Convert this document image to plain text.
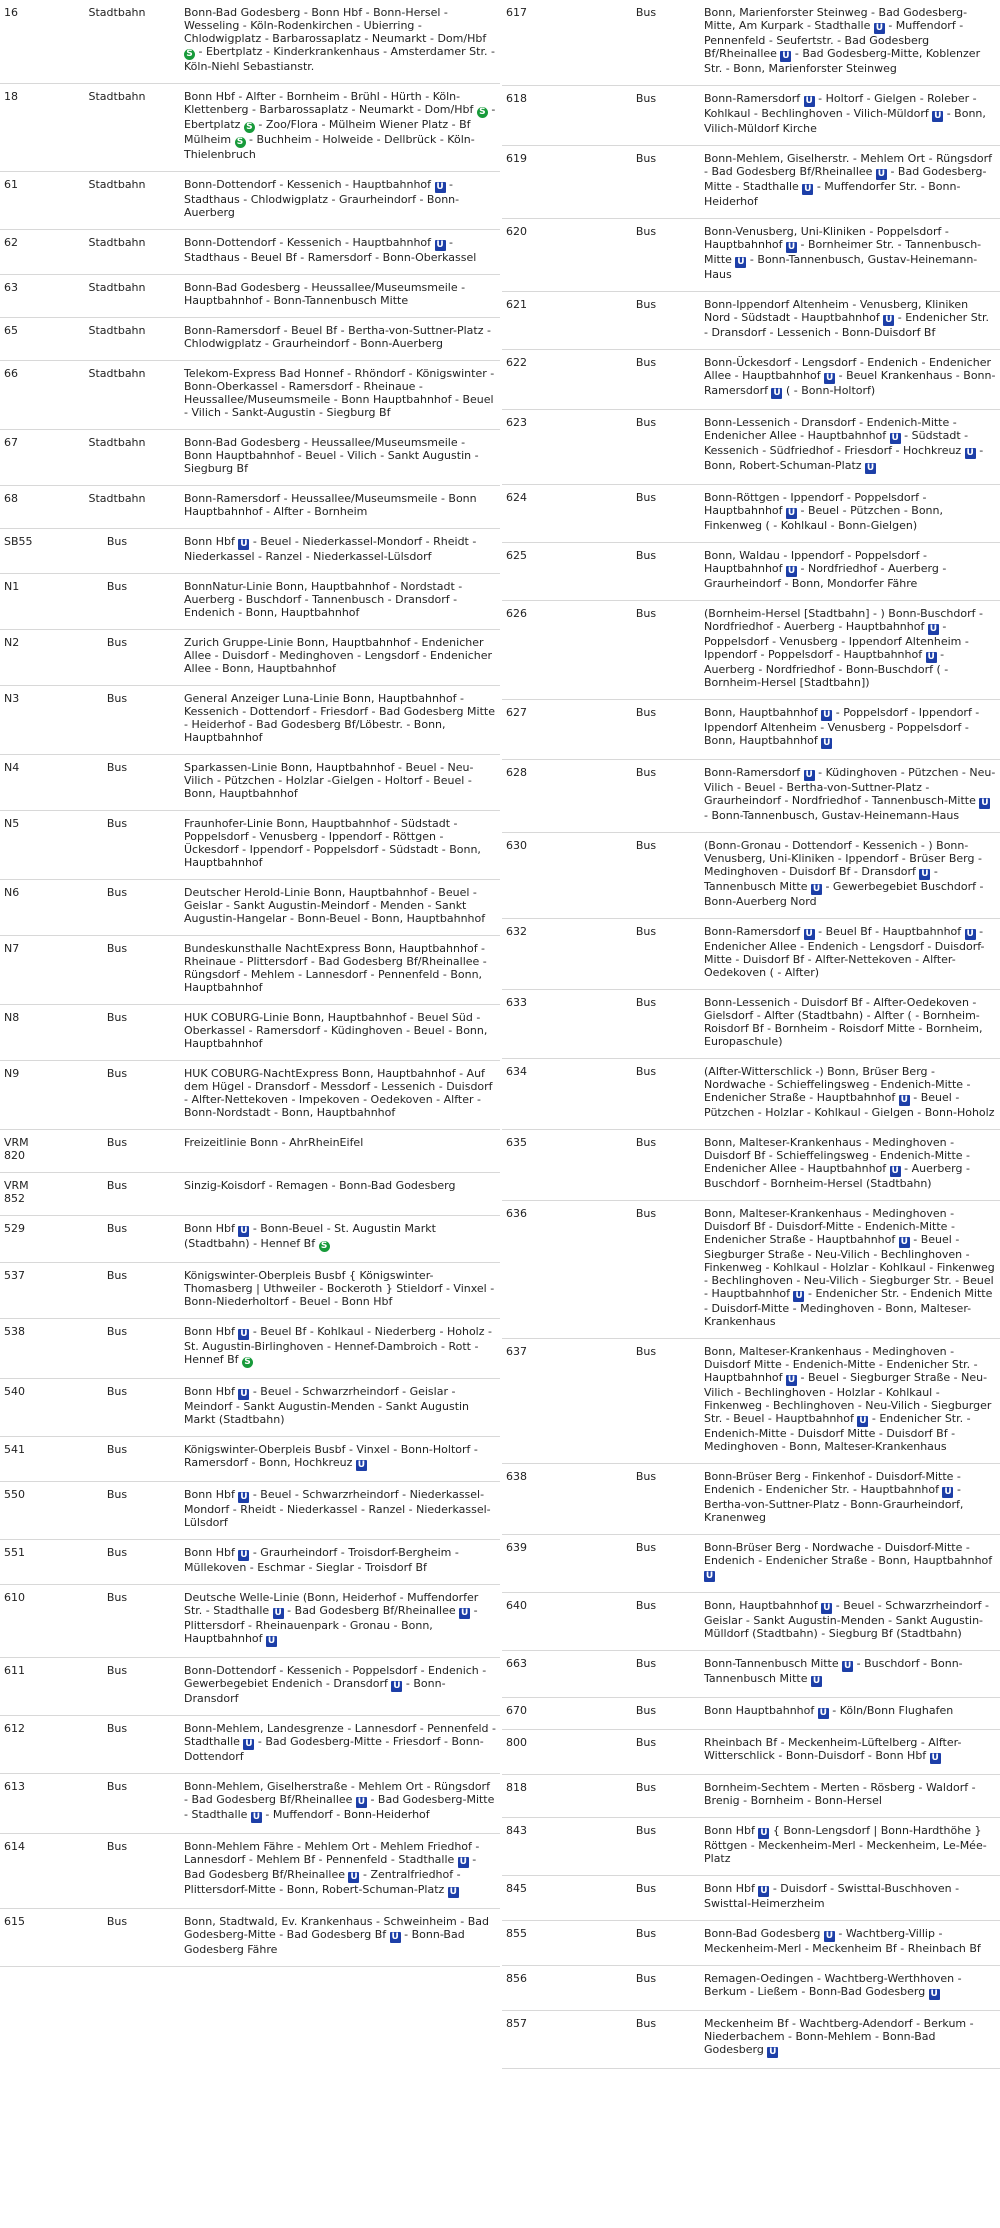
16	Stadtbahn	Bonn-Bad Godesberg - Bonn Hbf - Bonn-Hersel - Wesseling - Köln-Rodenkirchen - Ubierring - Chlodwigplatz - Barbarossaplatz - Neumarkt - Dom/Hbf S - Ebertplatz - Kinderkrankenhaus - Amsterdamer Str. - Köln-Niehl Sebastianstr.
18	Stadtbahn	Bonn Hbf - Alfter - Bornheim - Brühl - Hürth - Köln-Klettenberg - Barbarossaplatz - Neumarkt - Dom/Hbf S - Ebertplatz S - Zoo/Flora - Mülheim Wiener Platz - Bf Mülheim S - Buchheim - Holweide - Dellbrück - Köln-Thielenbruch
61	Stadtbahn	Bonn-Dottendorf - Kessenich - Hauptbahnhof U - Stadthaus - Chlodwigplatz - Graurheindorf - Bonn-Auerberg
62	Stadtbahn	Bonn-Dottendorf - Kessenich - Hauptbahnhof U - Stadthaus - Beuel Bf - Ramersdorf - Bonn-Oberkassel
63	Stadtbahn	Bonn-Bad Godesberg - Heussallee/Museumsmeile - Hauptbahnhof - Bonn-Tannenbusch Mitte
65	Stadtbahn	Bonn-Ramersdorf - Beuel Bf - Bertha-von-Suttner-Platz - Chlodwigplatz - Graurheindorf - Bonn-Auerberg
66	Stadtbahn	Telekom-Express Bad Honnef - Rhöndorf - Königswinter - Bonn-Oberkassel - Ramersdorf - Rheinaue - Heussallee/Museumsmeile - Bonn Hauptbahnhof - Beuel - Vilich - Sankt-Augustin - Siegburg Bf
67	Stadtbahn	Bonn-Bad Godesberg - Heussallee/Museumsmeile - Bonn Hauptbahnhof - Beuel - Vilich - Sankt Augustin - Siegburg Bf
68	Stadtbahn	Bonn-Ramersdorf - Heussallee/Museumsmeile - Bonn Hauptbahnhof - Alfter - Bornheim
SB55	Bus	Bonn Hbf U - Beuel - Niederkassel-Mondorf - Rheidt - Niederkassel - Ranzel - Niederkassel-Lülsdorf
N1	Bus	BonnNatur-Linie Bonn, Hauptbahnhof - Nordstadt - Auerberg - Buschdorf - Tannenbusch - Dransdorf - Endenich - Bonn, Hauptbahnhof
N2	Bus	Zurich Gruppe-Linie Bonn, Hauptbahnhof - Endenicher Allee - Duisdorf - Medinghoven - Lengsdorf - Endenicher Allee - Bonn, Hauptbahnhof
N3	Bus	General Anzeiger Luna-Linie Bonn, Hauptbahnhof - Kessenich - Dottendorf - Friesdorf - Bad Godesberg Mitte - Heiderhof - Bad Godesberg Bf/Löbestr. - Bonn, Hauptbahnhof
N4	Bus	Sparkassen-Linie Bonn, Hauptbahnhof - Beuel - Neu-Vilich - Pützchen - Holzlar -Gielgen - Holtorf - Beuel - Bonn, Hauptbahnhof
N5	Bus	Fraunhofer-Linie Bonn, Hauptbahnhof - Südstadt - Poppelsdorf - Venusberg - Ippendorf - Röttgen - Ückesdorf - Ippendorf - Poppelsdorf - Südstadt - Bonn, Hauptbahnhof
N6	Bus	Deutscher Herold-Linie Bonn, Hauptbahnhof - Beuel - Geislar - Sankt Augustin-Meindorf - Menden - Sankt Augustin-Hangelar - Bonn-Beuel - Bonn, Hauptbahnhof
N7	Bus	Bundeskunsthalle NachtExpress Bonn, Hauptbahnhof - Rheinaue - Plittersdorf - Bad Godesberg Bf/Rheinallee - Rüngsdorf - Mehlem - Lannesdorf - Pennenfeld - Bonn, Hauptbahnhof
N8	Bus	HUK COBURG-Linie Bonn, Hauptbahnhof - Beuel Süd - Oberkassel - Ramersdorf - Küdinghoven - Beuel - Bonn, Hauptbahnhof
N9	Bus	HUK COBURG-NachtExpress Bonn, Hauptbahnhof - Auf dem Hügel - Dransdorf - Messdorf - Lessenich - Duisdorf - Alfter-Nettekoven - Impekoven - Oedekoven - Alfter - Bonn-Nordstadt - Bonn, Hauptbahnhof
VRM 820	Bus	Freizeitlinie Bonn - AhrRheinEifel
VRM 852	Bus	Sinzig-Koisdorf - Remagen - Bonn-Bad Godesberg
529	Bus	Bonn Hbf U - Bonn-Beuel - St. Augustin Markt (Stadtbahn) - Hennef Bf S
537	Bus	Königswinter-Oberpleis Busbf { Königswinter-Thomasberg | Uthweiler - Bockeroth } Stieldorf - Vinxel - Bonn-Niederholtorf - Beuel - Bonn Hbf
538	Bus	Bonn Hbf U - Beuel Bf - Kohlkaul - Niederberg - Hoholz - St. Augustin-Birlinghoven - Hennef-Dambroich - Rott - Hennef Bf S
540	Bus	Bonn Hbf U - Beuel - Schwarzrheindorf - Geislar - Meindorf - Sankt Augustin-Menden - Sankt Augustin Markt (Stadtbahn)
541	Bus	Königswinter-Oberpleis Busbf - Vinxel - Bonn-Holtorf - Ramersdorf - Bonn, Hochkreuz U
550	Bus	Bonn Hbf U - Beuel - Schwarzrheindorf - Niederkassel-Mondorf - Rheidt - Niederkassel - Ranzel - Niederkassel-Lülsdorf
551	Bus	Bonn Hbf U - Graurheindorf - Troisdorf-Bergheim - Müllekoven - Eschmar - Sieglar - Troisdorf Bf
610	Bus	Deutsche Welle-Linie (Bonn, Heiderhof - Muffendorfer Str. - Stadthalle U - Bad Godesberg Bf/Rheinallee U - Plittersdorf - Rheinauenpark - Gronau - Bonn, Hauptbahnhof U
611	Bus	Bonn-Dottendorf - Kessenich - Poppelsdorf - Endenich - Gewerbegebiet Endenich - Dransdorf U - Bonn-Dransdorf
612	Bus	Bonn-Mehlem, Landesgrenze - Lannesdorf - Pennenfeld - Stadthalle U - Bad Godesberg-Mitte - Friesdorf - Bonn-Dottendorf
613	Bus	Bonn-Mehlem, Giselherstraße - Mehlem Ort - Rüngsdorf - Bad Godesberg Bf/Rheinallee U - Bad Godesberg-Mitte - Stadthalle U - Muffendorf - Bonn-Heiderhof
614	Bus	Bonn-Mehlem Fähre - Mehlem Ort - Mehlem Friedhof - Lannesdorf - Mehlem Bf - Pennenfeld - Stadthalle U - Bad Godesberg Bf/Rheinallee U - Zentralfriedhof - Plittersdorf-Mitte - Bonn, Robert-Schuman-Platz U
615	Bus	Bonn, Stadtwald, Ev. Krankenhaus - Schweinheim - Bad Godesberg-Mitte - Bad Godesberg Bf U - Bonn-Bad Godesberg Fähre
617	Bus	Bonn, Marienforster Steinweg - Bad Godesberg-Mitte, Am Kurpark - Stadthalle U - Muffendorf - Pennenfeld - Seufertstr. - Bad Godesberg Bf/Rheinallee U - Bad Godesberg-Mitte, Koblenzer Str. - Bonn, Marienforster Steinweg
618	Bus	Bonn-Ramersdorf U - Holtorf - Gielgen - Roleber - Kohlkaul - Bechlinghoven - Vilich-Müldorf U - Bonn, Vilich-Müldorf Kirche
619	Bus	Bonn-Mehlem, Giselherstr. - Mehlem Ort - Rüngsdorf - Bad Godesberg Bf/Rheinallee U - Bad Godesberg-Mitte - Stadthalle U - Muffendorfer Str. - Bonn-Heiderhof
620	Bus	Bonn-Venusberg, Uni-Kliniken - Poppelsdorf - Hauptbahnhof U - Bornheimer Str. - Tannenbusch-Mitte U - Bonn-Tannenbusch, Gustav-Heinemann-Haus
621	Bus	Bonn-Ippendorf Altenheim - Venusberg, Kliniken Nord - Südstadt - Hauptbahnhof U - Endenicher Str. - Dransdorf - Lessenich - Bonn-Duisdorf Bf
622	Bus	Bonn-Ückesdorf - Lengsdorf - Endenich - Endenicher Allee - Hauptbahnhof U - Beuel Krankenhaus - Bonn-Ramersdorf U ( - Bonn-Holtorf)
623	Bus	Bonn-Lessenich - Dransdorf - Endenich-Mitte - Endenicher Allee - Hauptbahnhof U - Südstadt - Kessenich - Südfriedhof - Friesdorf - Hochkreuz U - Bonn, Robert-Schuman-Platz U
624	Bus	Bonn-Röttgen - Ippendorf - Poppelsdorf - Hauptbahnhof U - Beuel - Pützchen - Bonn, Finkenweg ( - Kohlkaul - Bonn-Gielgen)
625	Bus	Bonn, Waldau - Ippendorf - Poppelsdorf - Hauptbahnhof U - Nordfriedhof - Auerberg - Graurheindorf - Bonn, Mondorfer Fähre
626	Bus	(Bornheim-Hersel [Stadtbahn] - ) Bonn-Buschdorf - Nordfriedhof - Auerberg - Hauptbahnhof U - Poppelsdorf - Venusberg - Ippendorf Altenheim - Ippendorf - Poppelsdorf - Hauptbahnhof U - Auerberg - Nordfriedhof - Bonn-Buschdorf ( - Bornheim-Hersel [Stadtbahn])
627	Bus	Bonn, Hauptbahnhof U - Poppelsdorf - Ippendorf - Ippendorf Altenheim - Venusberg - Poppelsdorf - Bonn, Hauptbahnhof U
628	Bus	Bonn-Ramersdorf U - Küdinghoven - Pützchen - Neu-Vilich - Beuel - Bertha-von-Suttner-Platz - Graurheindorf - Nordfriedhof - Tannenbusch-Mitte U - Bonn-Tannenbusch, Gustav-Heinemann-Haus
630	Bus	(Bonn-Gronau - Dottendorf - Kessenich - ) Bonn-Venusberg, Uni-Kliniken - Ippendorf - Brüser Berg - Medinghoven - Duisdorf Bf - Dransdorf U - Tannenbusch Mitte U - Gewerbegebiet Buschdorf - Bonn-Auerberg Nord
632	Bus	Bonn-Ramersdorf U - Beuel Bf - Hauptbahnhof U - Endenicher Allee - Endenich - Lengsdorf - Duisdorf-Mitte - Duisdorf Bf - Alfter-Nettekoven - Alfter-Oedekoven ( - Alfter)
633	Bus	Bonn-Lessenich - Duisdorf Bf - Alfter-Oedekoven - Gielsdorf - Alfter (Stadtbahn) - Alfter ( - Bornheim-Roisdorf Bf - Bornheim - Roisdorf Mitte - Bornheim, Europaschule)
634	Bus	(Alfter-Witterschlick -) Bonn, Brüser Berg - Nordwache - Schieffelingsweg - Endenich-Mitte - Endenicher Straße - Hauptbahnhof U - Beuel - Pützchen - Holzlar - Kohlkaul - Gielgen - Bonn-Hoholz
635	Bus	Bonn, Malteser-Krankenhaus - Medinghoven - Duisdorf Bf - Schieffelingsweg - Endenich-Mitte - Endenicher Allee - Hauptbahnhof U - Auerberg - Buschdorf - Bornheim-Hersel (Stadtbahn)
636	Bus	Bonn, Malteser-Krankenhaus - Medinghoven - Duisdorf Bf - Duisdorf-Mitte - Endenich-Mitte - Endenicher Straße - Hauptbahnhof U - Beuel - Siegburger Straße - Neu-Vilich - Bechlinghoven - Finkenweg - Kohlkaul - Holzlar - Kohlkaul - Finkenweg - Bechlinghoven - Neu-Vilich - Siegburger Str. - Beuel - Hauptbahnhof U - Endenicher Str. - Endenich Mitte - Duisdorf-Mitte - Medinghoven - Bonn, Malteser-Krankenhaus
637	Bus	Bonn, Malteser-Krankenhaus - Medinghoven - Duisdorf Mitte - Endenich-Mitte - Endenicher Str. - Hauptbahnhof U - Beuel - Siegburger Straße - Neu-Vilich - Bechlinghoven - Holzlar - Kohlkaul - Finkenweg - Bechlinghoven - Neu-Vilich - Siegburger Str. - Beuel - Hauptbahnhof U - Endenicher Str. - Endenich-Mitte - Duisdorf Mitte - Duisdorf Bf - Medinghoven - Bonn, Malteser-Krankenhaus
638	Bus	Bonn-Brüser Berg - Finkenhof - Duisdorf-Mitte - Endenich - Endenicher Str. - Hauptbahnhof U - Bertha-von-Suttner-Platz - Bonn-Graurheindorf, Kranenweg
639	Bus	Bonn-Brüser Berg - Nordwache - Duisdorf-Mitte - Endenich - Endenicher Straße - Bonn, Hauptbahnhof U
640	Bus	Bonn, Hauptbahnhof U - Beuel - Schwarzrheindorf - Geislar - Sankt Augustin-Menden - Sankt Augustin-Mülldorf (Stadtbahn) - Siegburg Bf (Stadtbahn)
663	Bus	Bonn-Tannenbusch Mitte U - Buschdorf - Bonn-Tannenbusch Mitte U
670	Bus	Bonn Hauptbahnhof U - Köln/Bonn Flughafen
800	Bus	Rheinbach Bf - Meckenheim-Lüftelberg - Alfter-Witterschlick - Bonn-Duisdorf - Bonn Hbf U
818	Bus	Bornheim-Sechtem - Merten - Rösberg - Waldorf - Brenig - Bornheim - Bonn-Hersel
843	Bus	Bonn Hbf U { Bonn-Lengsdorf | Bonn-Hardthöhe } Röttgen - Meckenheim-Merl - Meckenheim, Le-Mée-Platz
845	Bus	Bonn Hbf U - Duisdorf - Swisttal-Buschhoven - Swisttal-Heimerzheim
855	Bus	Bonn-Bad Godesberg U - Wachtberg-Villip - Meckenheim-Merl - Meckenheim Bf - Rheinbach Bf
856	Bus	Remagen-Oedingen - Wachtberg-Werthhoven - Berkum - Ließem - Bonn-Bad Godesberg U
857	Bus	Meckenheim Bf - Wachtberg-Adendorf - Berkum - Niederbachem - Bonn-Mehlem - Bonn-Bad Godesberg U
